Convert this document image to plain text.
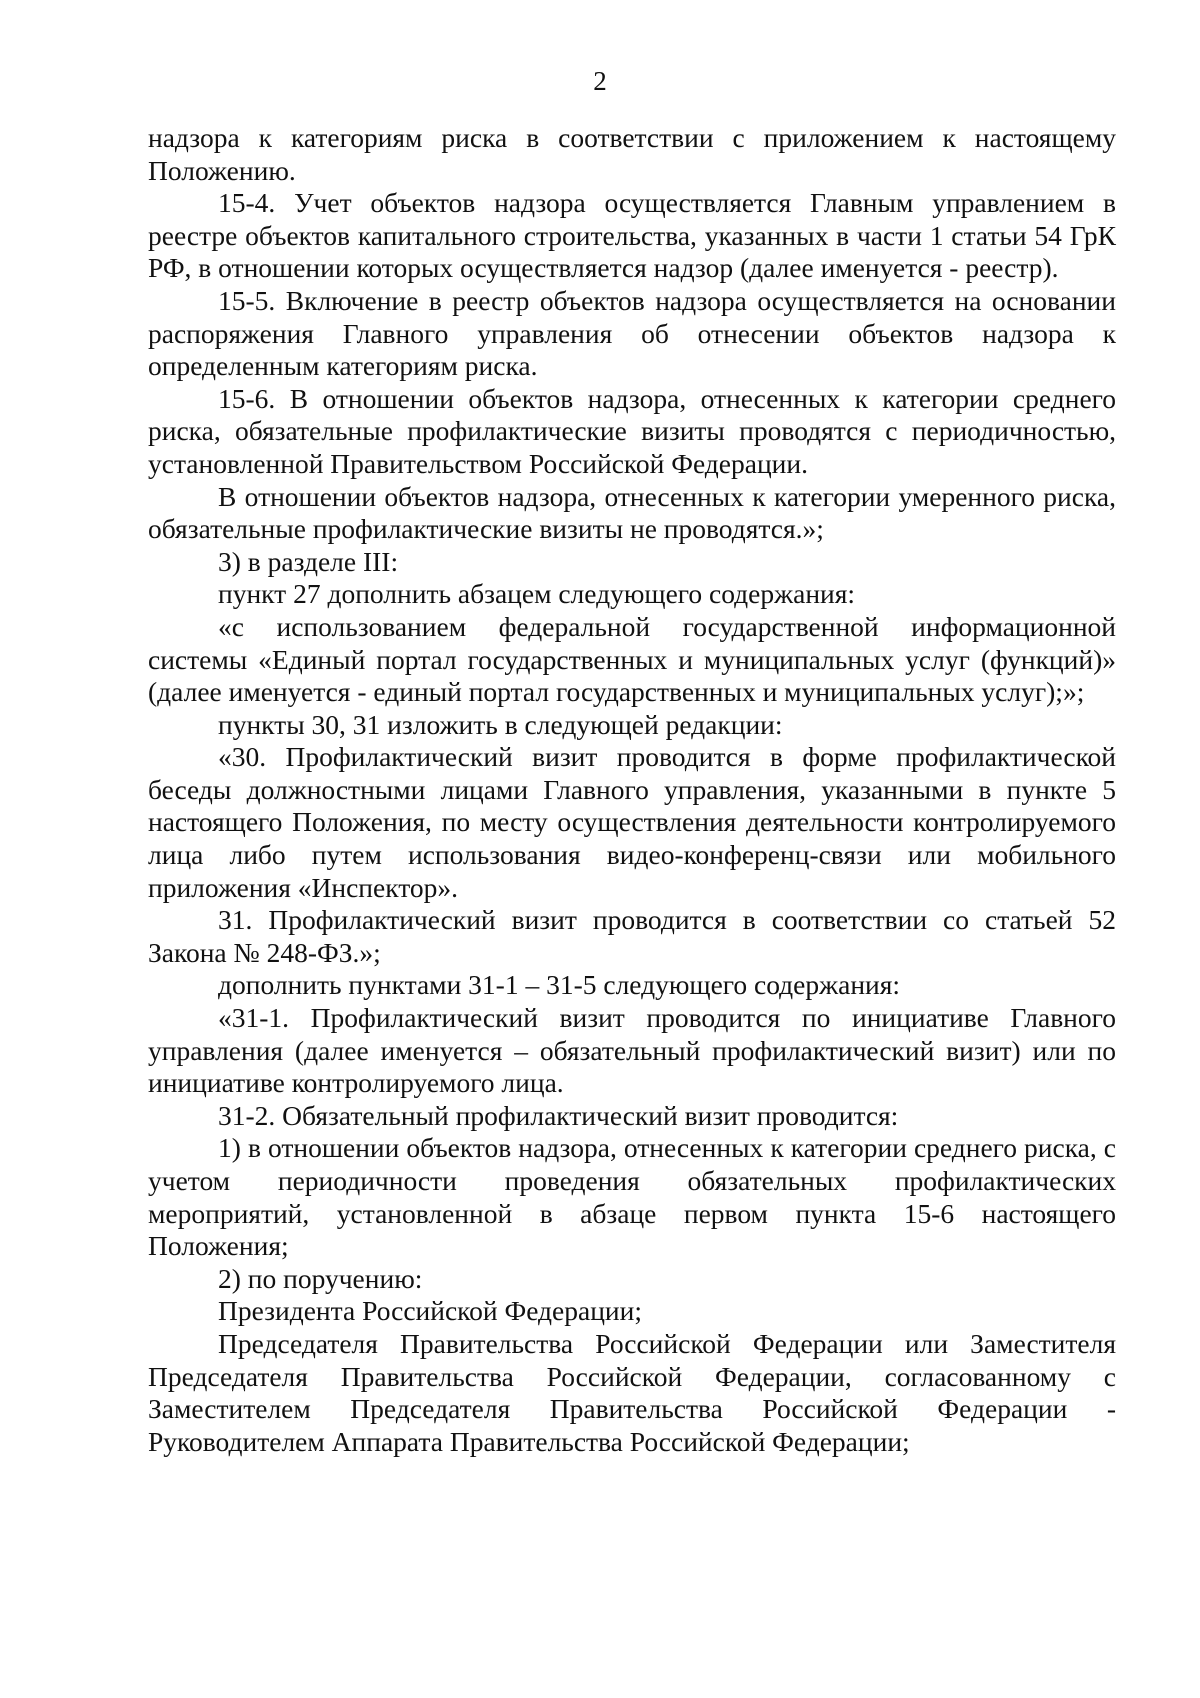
2

надзора к категориям риска в соответствии с приложением к настоящему Положению.

15-4. Учет объектов надзора осуществляется Главным управлением в реестре объектов капитального строительства, указанных в части 1 статьи 54 ГрК РФ, в отношении которых осуществляется надзор (далее именуется - реестр).

15-5. Включение в реестр объектов надзора осуществляется на основании распоряжения Главного управления об отнесении объектов надзора к определенным категориям риска.

15-6. В отношении объектов надзора, отнесенных к категории среднего риска, обязательные профилактические визиты проводятся с периодичностью, установленной Правительством Российской Федерации.

В отношении объектов надзора, отнесенных к категории умеренного риска, обязательные профилактические визиты не проводятся.»;

3) в разделе III:

пункт 27 дополнить абзацем следующего содержания:

«с использованием федеральной государственной информационной системы «Единый портал государственных и муниципальных услуг (функций)» (далее именуется - единый портал государственных и муниципальных услуг);»;

пункты 30, 31 изложить в следующей редакции:

«30. Профилактический визит проводится в форме профилактической беседы должностными лицами Главного управления, указанными в пункте 5 настоящего Положения, по месту осуществления деятельности контролируемого лица либо путем использования видео-конференц-связи или мобильного приложения «Инспектор».

31. Профилактический визит проводится в соответствии со статьей 52 Закона № 248-ФЗ.»;

дополнить пунктами 31-1 – 31-5 следующего содержания:

«31-1. Профилактический визит проводится по инициативе Главного управления (далее именуется – обязательный профилактический визит) или по инициативе контролируемого лица.

31-2. Обязательный профилактический визит проводится:

1) в отношении объектов надзора, отнесенных к категории среднего риска, с учетом периодичности проведения обязательных профилактических мероприятий, установленной в абзаце первом пункта 15-6 настоящего Положения;

2) по поручению:

Президента Российской Федерации;

Председателя Правительства Российской Федерации или Заместителя Председателя Правительства Российской Федерации, согласованному с Заместителем Председателя Правительства Российской Федерации - Руководителем Аппарата Правительства Российской Федерации;
